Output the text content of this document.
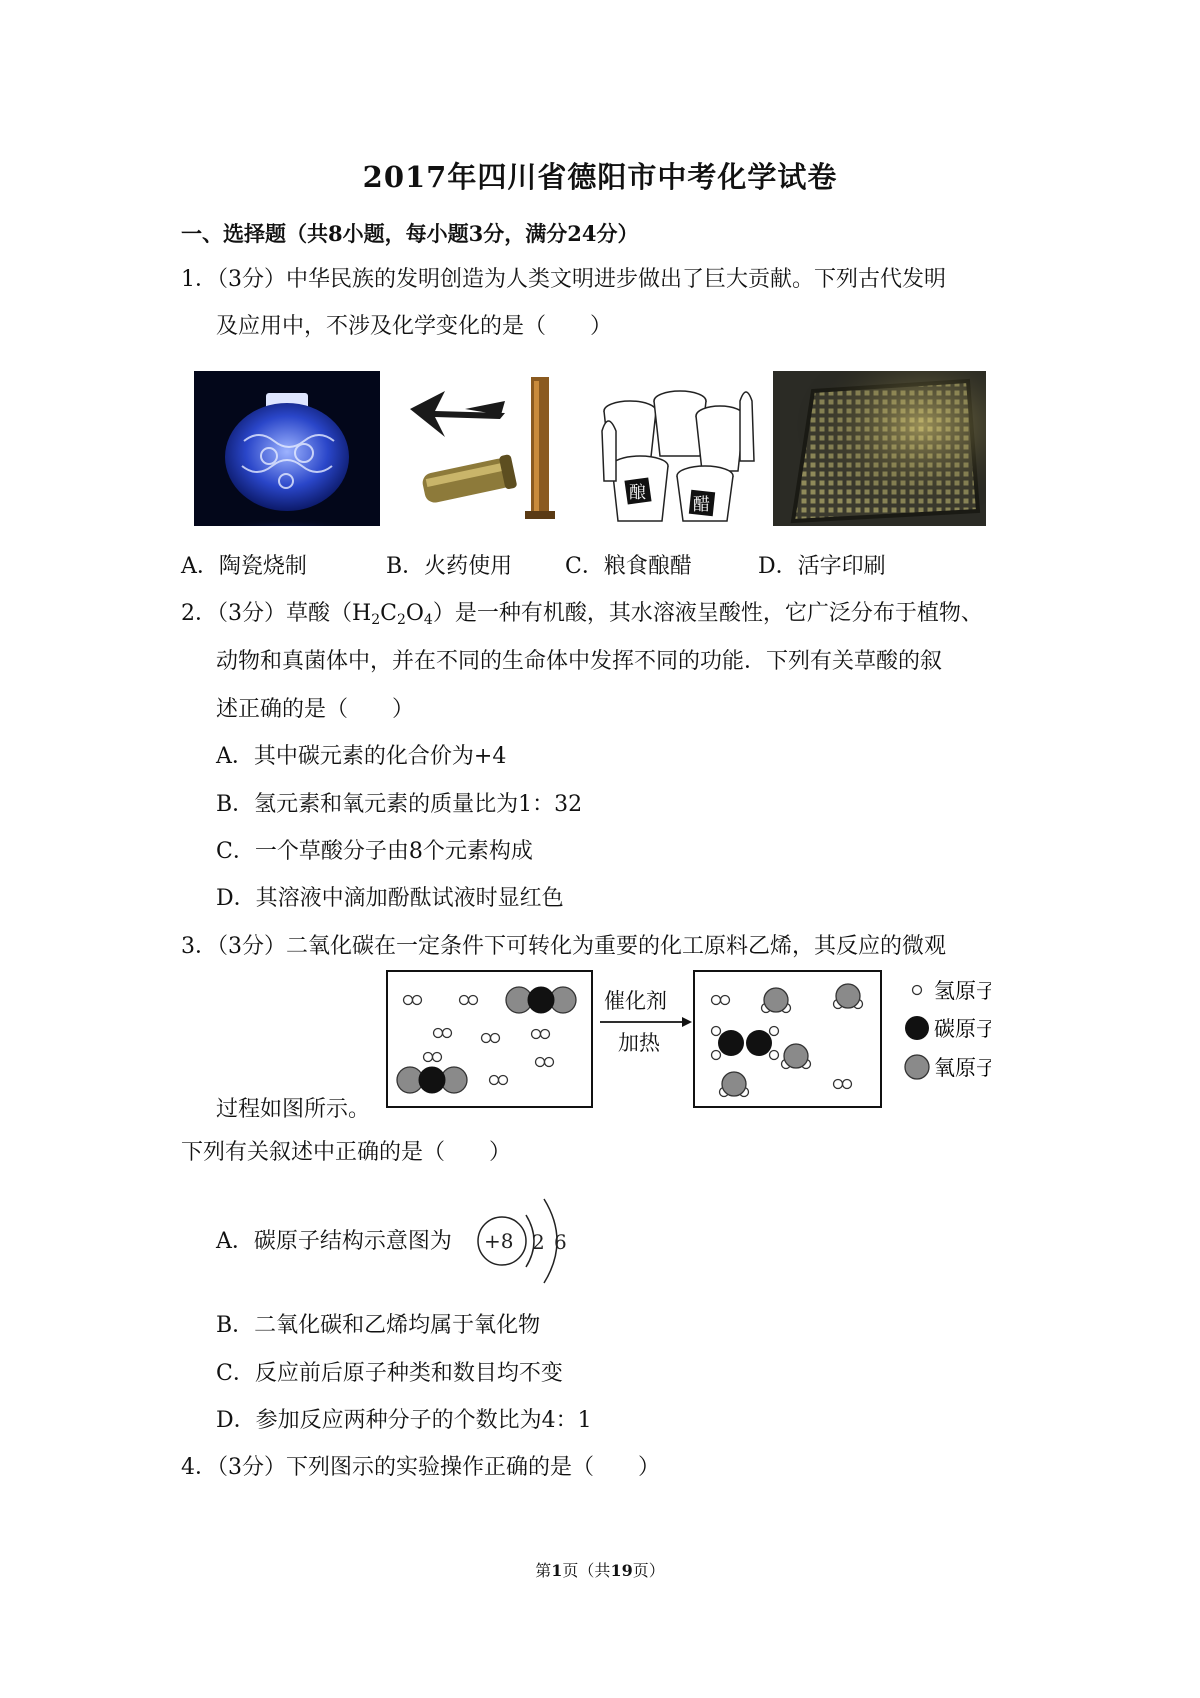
2017年四川省德阳市中考化学试卷
一、选择题（共8小题，每小题3分，满分24分）
1．（3分）中华民族的发明创造为人类文明进步做出了巨大贡献。下列古代发明
及应用中，不涉及化学变化的是（　　）
酿
醋
A．陶瓷烧制	B．火药使用 C．粮食酿醋	D．活字印刷
2．（3分）草酸$(H_2C_2O_4)$是一种有机酸，其水溶液呈酸性，它广泛分布于植物、
动物和真菌体中，并在不同的生命体中发挥不同的功能．下列有关草酸的叙
述正确的是（　　）
A．其中碳元素的化合价为+4
B．氢元素和氧元素的质量比为1：32
C．一个草酸分子由8个元素构成
D．其溶液中滴加酚酞试液时显红色
3．（3分）二氧化碳在一定条件下可转化为重要的化工原料乙烯，其反应的微观
催化剂
加热
氢原子
碳原子
氧原子
过程如图所示。
下列有关叙述中正确的是（　　）
A．碳原子结构示意图为 +8 2 6
B．二氧化碳和乙烯均属于氧化物
C．反应前后原子种类和数目均不变
D．参加反应两种分子的个数比为4：1
4．（3分）下列图示的实验操作正确的是（　　）
第1页（共19页）
